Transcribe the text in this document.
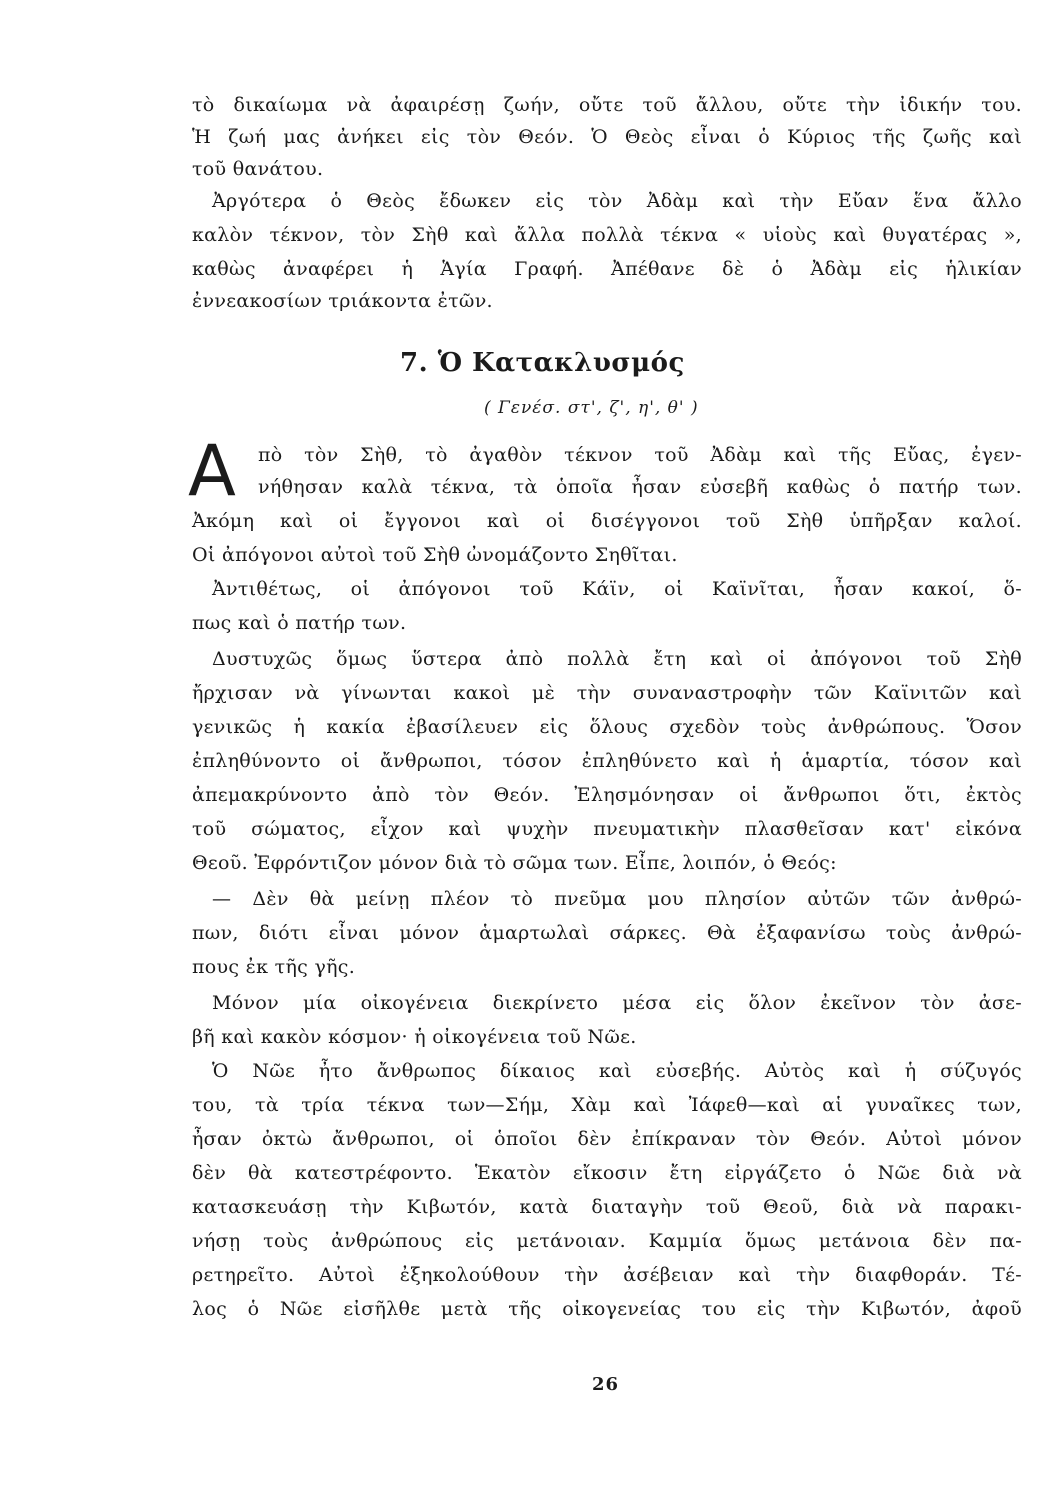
τὸ δικαίωμα νὰ ἀφαιρέσῃ ζωήν, οὔτε τοῦ ἄλλου, οὔτε τὴν ἰδικήν του.
Ἡ ζωή μας ἀνήκει εἰς τὸν Θεόν. Ὁ Θεὸς εἶναι ὁ Κύριος τῆς ζωῆς καὶ
τοῦ θανάτου.
Ἀργότερα ὁ Θεὸς ἔδωκεν εἰς τὸν Ἀδὰμ καὶ τὴν Εὔαν ἕνα ἄλλο
καλὸν τέκνον, τὸν Σὴθ καὶ ἄλλα πολλὰ τέκνα « υἱοὺς καὶ θυγατέρας »,
καθὼς ἀναφέρει ἡ Ἁγία Γραφή. Ἀπέθανε δὲ ὁ Ἀδὰμ εἰς ἡλικίαν
ἐννεακοσίων τριάκοντα ἐτῶν.
7. Ὁ Κατακλυσμός
( Γενέσ. στ', ζ', η', θ' )
Α πὸ τὸν Σὴθ, τὸ ἀγαθὸν τέκνον τοῦ Ἀδὰμ καὶ τῆς Εὔας, ἐγεν-
νήθησαν καλὰ τέκνα, τὰ ὁποῖα ἦσαν εὐσεβῆ καθὼς ὁ πατήρ των.
Ἀκόμη καὶ οἱ ἔγγονοι καὶ οἱ δισέγγονοι τοῦ Σὴθ ὑπῆρξαν καλοί.
Οἱ ἀπόγονοι αὐτοὶ τοῦ Σὴθ ὠνομάζοντο Σηθῖται.
Ἀντιθέτως, οἱ ἀπόγονοι τοῦ Κάϊν, οἱ Καϊνῖται, ἦσαν κακοί, ὅ-
πως καὶ ὁ πατήρ των.
Δυστυχῶς ὅμως ὕστερα ἀπὸ πολλὰ ἔτη καὶ οἱ ἀπόγονοι τοῦ Σὴθ
ἤρχισαν νὰ γίνωνται κακοὶ μὲ τὴν συναναστροφὴν τῶν Καϊνιτῶν καὶ
γενικῶς ἡ κακία ἐβασίλευεν εἰς ὅλους σχεδὸν τοὺς ἀνθρώπους. Ὅσον
ἐπληθύνοντο οἱ ἄνθρωποι, τόσον ἐπληθύνετο καὶ ἡ ἁμαρτία, τόσον καὶ
ἀπεμακρύνοντο ἀπὸ τὸν Θεόν. Ἐλησμόνησαν οἱ ἄνθρωποι ὅτι, ἐκτὸς
τοῦ σώματος, εἶχον καὶ ψυχὴν πνευματικὴν πλασθεῖσαν κατ' εἰκόνα
Θεοῦ. Ἐφρόντιζον μόνον διὰ τὸ σῶμα των. Εἶπε, λοιπόν, ὁ Θεός:
— Δὲν θὰ μείνῃ πλέον τὸ πνεῦμα μου πλησίον αὐτῶν τῶν ἀνθρώ-
πων, διότι εἶναι μόνον ἁμαρτωλαὶ σάρκες. Θὰ ἐξαφανίσω τοὺς ἀνθρώ-
πους ἐκ τῆς γῆς.
Μόνον μία οἰκογένεια διεκρίνετο μέσα εἰς ὅλον ἐκεῖνον τὸν ἀσε-
βῆ καὶ κακὸν κόσμον· ἡ οἰκογένεια τοῦ Νῶε.
Ὁ Νῶε ἦτο ἄνθρωπος δίκαιος καὶ εὐσεβής. Αὐτὸς καὶ ἡ σύζυγός
του, τὰ τρία τέκνα των—Σήμ, Χὰμ καὶ Ἰάφεθ—καὶ αἱ γυναῖκες των,
ἦσαν ὀκτὼ ἄνθρωποι, οἱ ὁποῖοι δὲν ἐπίκραναν τὸν Θεόν. Αὐτοὶ μόνον
δὲν θὰ κατεστρέφοντο. Ἑκατὸν εἴκοσιν ἔτη εἰργάζετο ὁ Νῶε διὰ νὰ
κατασκευάσῃ τὴν Κιβωτόν, κατὰ διαταγὴν τοῦ Θεοῦ, διὰ νὰ παρακι-
νήσῃ τοὺς ἀνθρώπους εἰς μετάνοιαν. Καμμία ὅμως μετάνοια δὲν πα-
ρετηρεῖτο. Αὐτοὶ ἐξηκολούθουν τὴν ἀσέβειαν καὶ τὴν διαφθοράν. Τέ-
λος ὁ Νῶε εἰσῆλθε μετὰ τῆς οἰκογενείας του εἰς τὴν Κιβωτόν, ἀφοῦ
26
